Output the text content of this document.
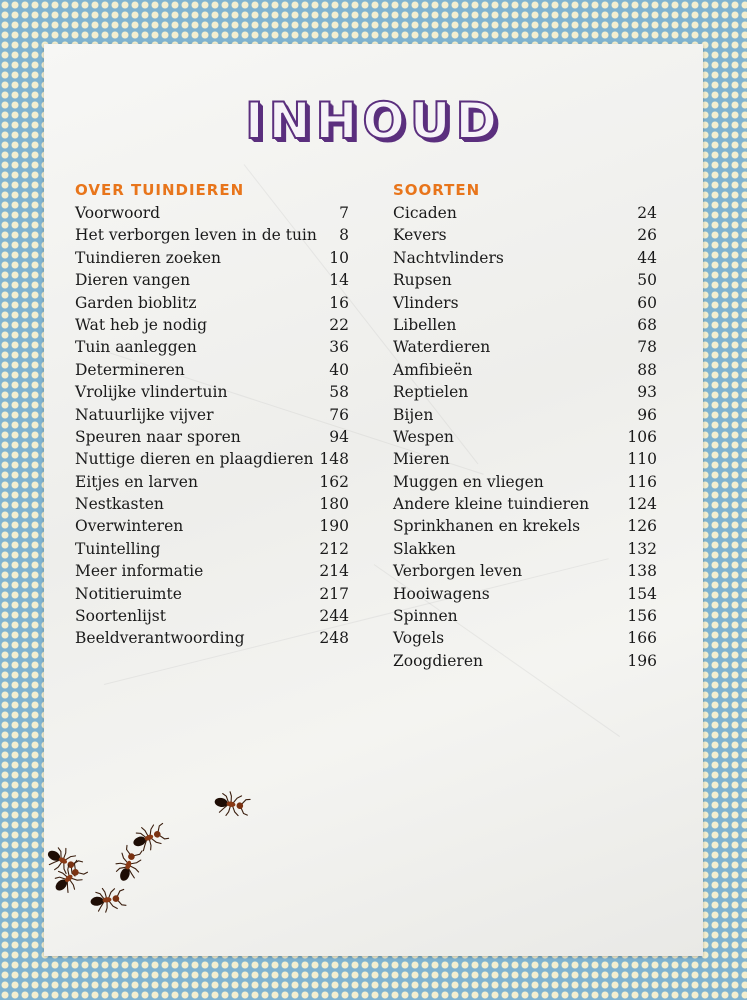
INHOUD
OVER TUINDIEREN
Voorwoord	7
Het verborgen leven in de tuin 8
Tuindieren zoeken	10
Dieren vangen	14
Garden bioblitz	16
Wat heb je nodig	22
Tuin aanleggen	36
Determineren	40
Vrolijke vlindertuin	58
Natuurlijke vijver	76
Speuren naar sporen	94
Nuttige dieren en plaagdieren 148
Eitjes en larven	162
Nestkasten	180
Overwinteren	190
Tuintelling	212
Meer informatie	214
Notitieruimte	217
Soortenlijst	244
Beeldverantwoording	248
SOORTEN
Cicaden	24
Kevers	26
Nachtvlinders	44
Rupsen	50
Vlinders	60
Libellen	68
Waterdieren	78
Amfibieën	88
Reptielen	93
Bijen	96
Wespen	106
Mieren	110
Muggen en vliegen	116
Andere kleine tuindieren 124
Sprinkhanen en krekels	126
Slakken	132
Verborgen leven	138
Hooiwagens	154
Spinnen	156
Vogels	166
Zoogdieren	196
